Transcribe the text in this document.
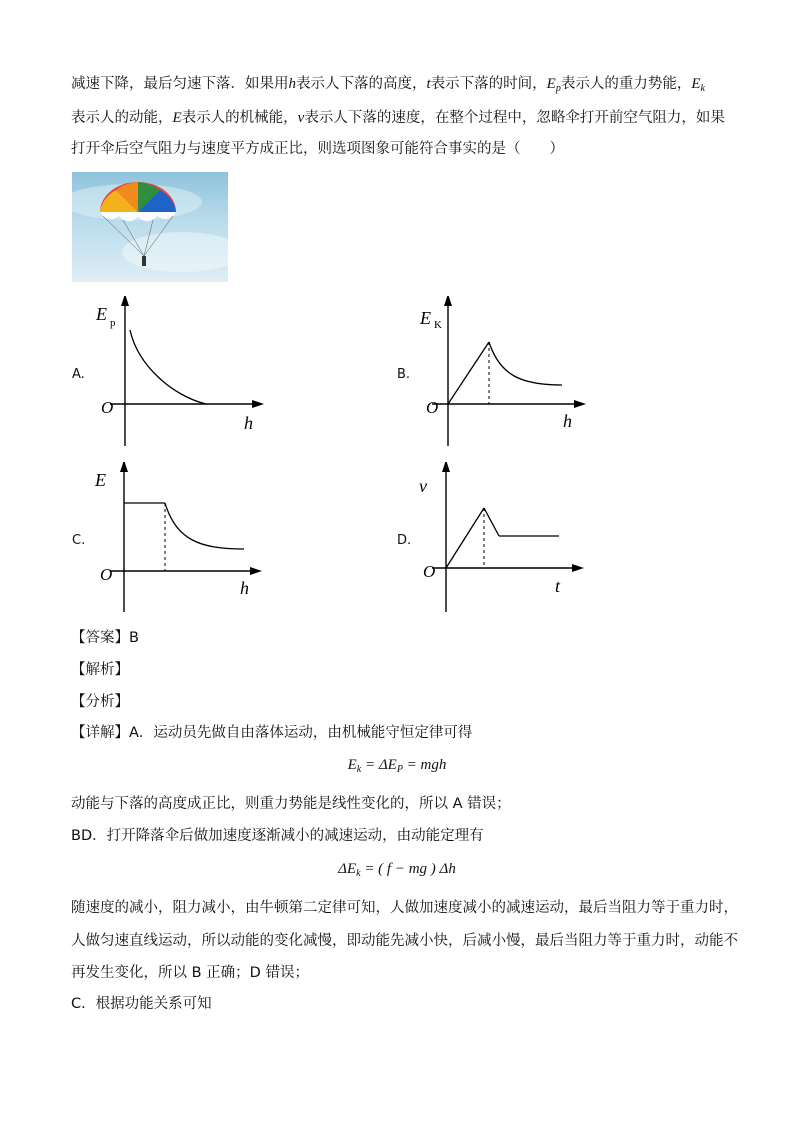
减速下降，最后匀速下落．如果用h表示人下落的高度，t表示下落的时间，$E_p$表示人的重力势能，$E_k$
表示人的动能，E表示人的机械能，v表示人下落的速度，在整个过程中，忽略伞打开前空气阻力，如果
打开伞后空气阻力与速度平方成正比，则选项图象可能符合事实的是（　　）
A.
E p
O
h
B.
E K
O
h
C.
E
O
h
D.
v
O
t
【答案】B
【解析】
【分析】
【详解】A．运动员先做自由落体运动，由机械能守恒定律可得
$E_k = \Delta E_P$ = mgh
动能与下落的高度成正比，则重力势能是线性变化的，所以 A 错误；
BD．打开降落伞后做加速度逐渐减小的减速运动，由动能定理有
$\Delta E_k$ = ( f − mg ) Δh
随速度的减小，阻力减小，由牛顿第二定律可知，人做加速度减小的减速运动，最后当阻力等于重力时，
人做匀速直线运动，所以动能的变化减慢，即动能先减小快，后减小慢，最后当阻力等于重力时，动能不
再发生变化，所以 B 正确；D 错误；
C．根据功能关系可知
